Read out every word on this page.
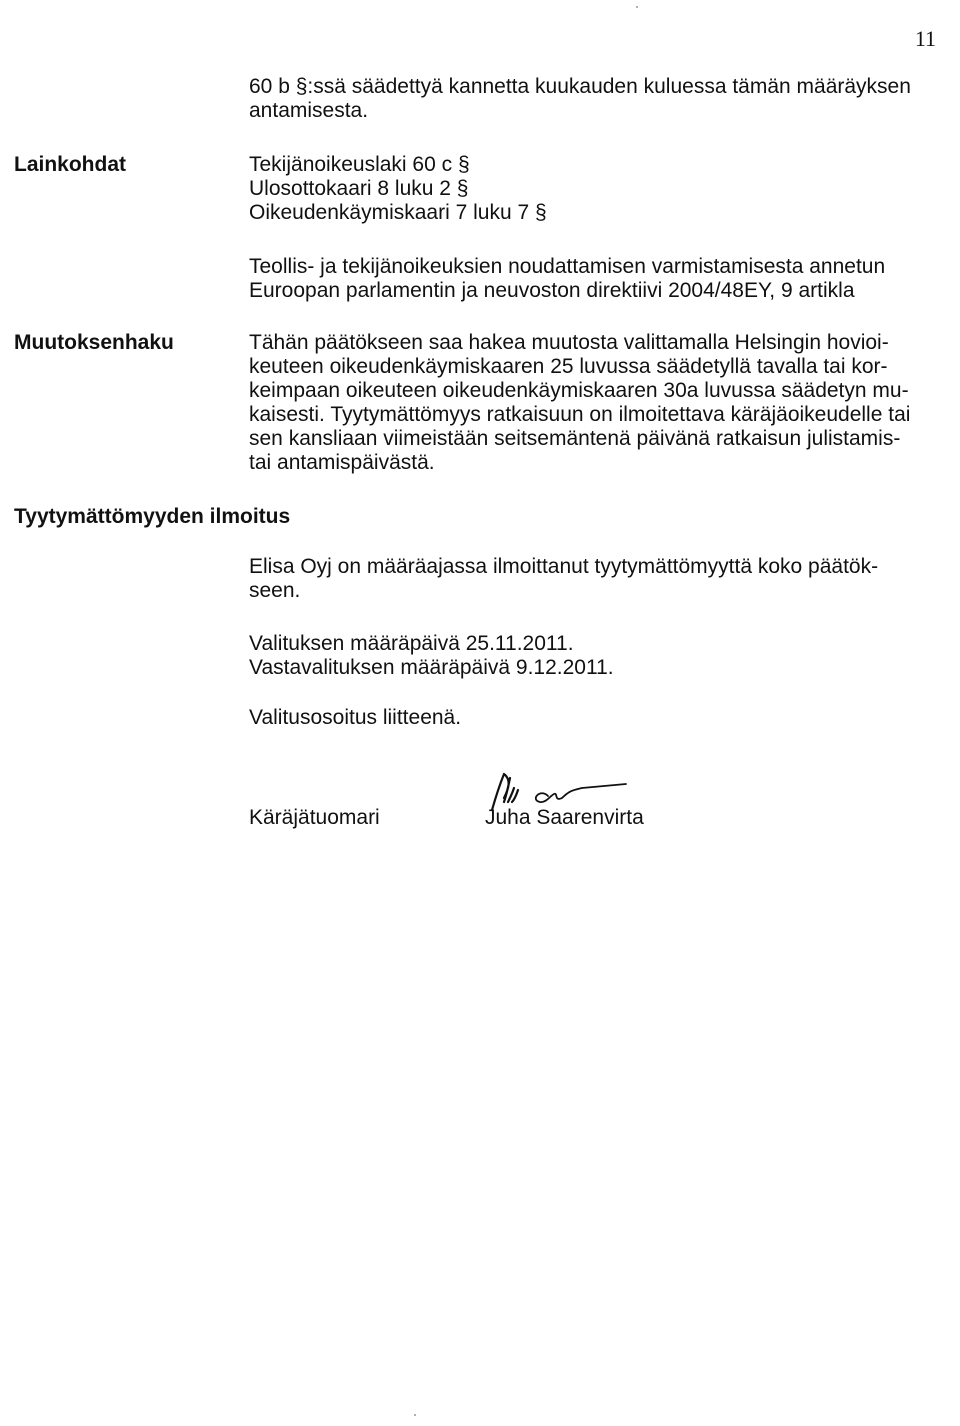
11
60 b §:ssä säädettyä kannetta kuukauden kuluessa tämän määräyksen
antamisesta.
Lainkohdat	Tekijänoikeuslaki 60 c §
Ulosottokaari 8 luku 2 §
Oikeudenkäymiskaari 7 luku 7 §
Teollis- ja tekijänoikeuksien noudattamisen varmistamisesta annetun
Euroopan parlamentin ja neuvoston direktiivi 2004/48EY, 9 artikla
Muutoksenhaku	Tähän päätökseen saa hakea muutosta valittamalla Helsingin hovioi-
keuteen oikeudenkäymiskaaren 25 luvussa säädetyllä tavalla tai kor-
keimpaan oikeuteen oikeudenkäymiskaaren 30a luvussa säädetyn mu-
kaisesti. Tyytymättömyys ratkaisuun on ilmoitettava käräjäoikeudelle tai
sen kansliaan viimeistään seitsemäntenä päivänä ratkaisun julistamis-
tai antamispäivästä.
Tyytymättömyyden ilmoitus
Elisa Oyj on määräajassa ilmoittanut tyytymättömyyttä koko päätök-
seen.
Valituksen määräpäivä 25.11.2011.
Vastavalituksen määräpäivä 9.12.2011.
Valitusosoitus liitteenä.
Käräjätuomari	Juha Saarenvirta
